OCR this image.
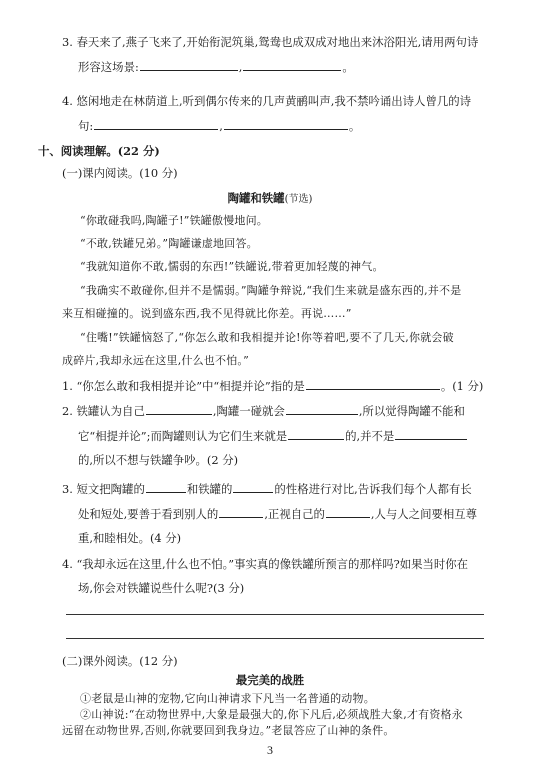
3. 春天来了,燕子飞来了,开始衔泥筑巢,鸳鸯也成双成对地出来沐浴阳光,请用两句诗
形容这场景:	,	。
4. 悠闲地走在林荫道上,听到偶尔传来的几声黄鹂叫声,我不禁吟诵出诗人曾几的诗
句:	,	。
十、阅读理解。(22 分)
(一)课内阅读。(10 分)
陶罐和铁罐(节选)
“你敢碰我吗,陶罐子!”铁罐傲慢地问。
“不敢,铁罐兄弟。”陶罐谦虚地回答。
“我就知道你不敢,懦弱的东西!”铁罐说,带着更加轻蔑的神气。
“我确实不敢碰你,但并不是懦弱。”陶罐争辩说,“我们生来就是盛东西的,并不是
来互相碰撞的。说到盛东西,我不见得就比你差。再说……”
“住嘴!”铁罐恼怒了,“你怎么敢和我相提并论!你等着吧,要不了几天,你就会破
成碎片,我却永远在这里,什么也不怕。”
1. “你怎么敢和我相提并论”中“相提并论”指的是	。(1 分)
2. 铁罐认为自己	,陶罐一碰就会	,所以觉得陶罐不能和
它“相提并论”;而陶罐则认为它们生来就是	的,并不是
的,所以不想与铁罐争吵。(2 分)
3. 短文把陶罐的	和铁罐的	的性格进行对比,告诉我们每个人都有长
处和短处,要善于看到别人的	,正视自己的	,人与人之间要相互尊
重,和睦相处。(4 分)
4. “我却永远在这里,什么也不怕。”事实真的像铁罐所预言的那样吗?如果当时你在
场,你会对铁罐说些什么呢?(3 分)
(二)课外阅读。(12 分)
最完美的战胜
①老鼠是山神的宠物,它向山神请求下凡当一名普通的动物。
②山神说:“在动物世界中,大象是最强大的,你下凡后,必须战胜大象,才有资格永
远留在动物世界,否则,你就要回到我身边。”老鼠答应了山神的条件。
3
